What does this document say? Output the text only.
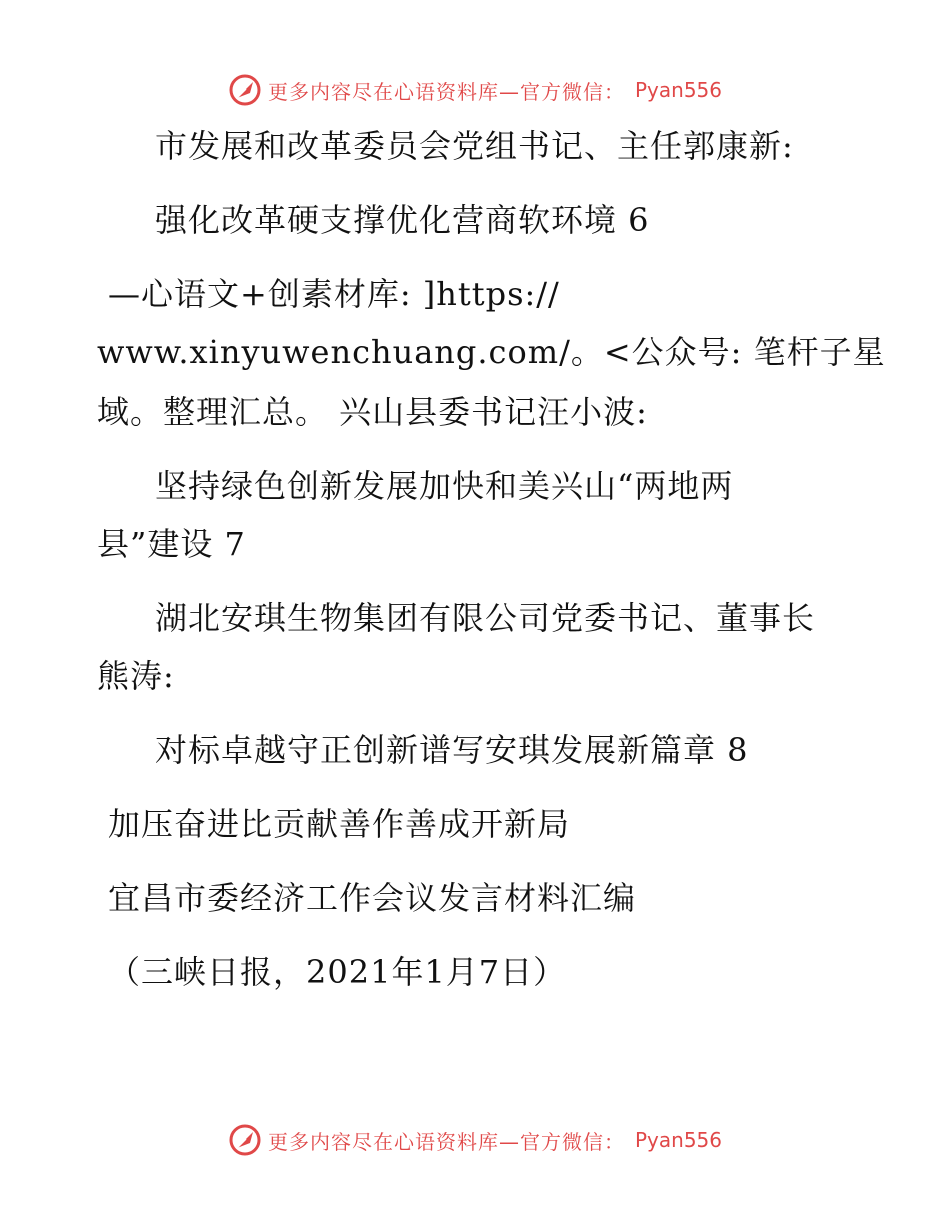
更多内容尽在心语资料库—官方微信： Pyan556
市发展和改革委员会党组书记、主任郭康新:
强化改革硬支撑优化营商软环境 6
—心语文+创素材库: ]https://
www.xinyuwenchuang.com/。<公众号: 笔杆子星
域。整理汇总。 兴山县委书记汪小波:
坚持绿色创新发展加快和美兴山“两地两
县”建设 7
湖北安琪生物集团有限公司党委书记、董事长
熊涛:
对标卓越守正创新谱写安琪发展新篇章 8
加压奋进比贡献善作善成开新局
宜昌市委经济工作会议发言材料汇编
（三峡日报，2021年1月7日）
更多内容尽在心语资料库—官方微信： Pyan556
